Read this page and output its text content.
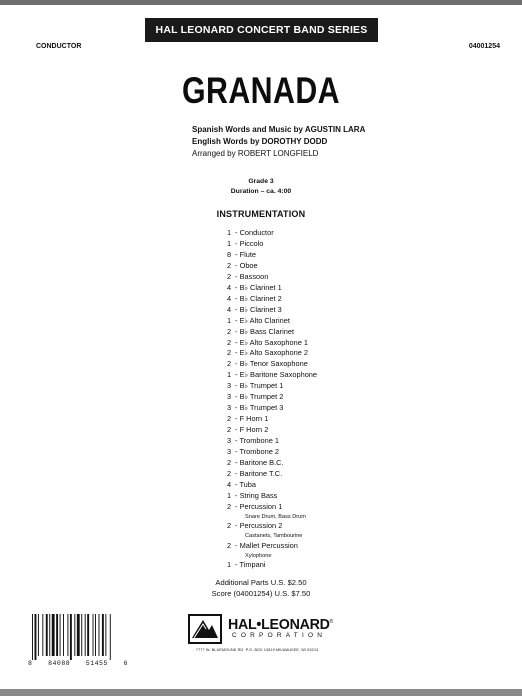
HAL LEONARD CONCERT BAND SERIES
CONDUCTOR	04001254
GRANADA
Spanish Words and Music by AGUSTIN LARA
English Words by DOROTHY DODD
Arranged by ROBERT LONGFIELD
Grade 3
Duration – ca. 4:00
INSTRUMENTATION
1 - Conductor
1 - Piccolo
8 - Flute
2 - Oboe
2 - Bassoon
4 - B♭ Clarinet 1
4 - B♭ Clarinet 2
4 - B♭ Clarinet 3
1 - E♭ Alto Clarinet
2 - B♭ Bass Clarinet
2 - E♭ Alto Saxophone 1
2 - E♭ Alto Saxophone 2
2 - B♭ Tenor Saxophone
1 - E♭ Baritone Saxophone
3 - B♭ Trumpet 1
3 - B♭ Trumpet 2
3 - B♭ Trumpet 3
2 - F Horn 1
2 - F Horn 2
3 - Trombone 1
3 - Trombone 2
2 - Baritone B.C.
2 - Baritone T.C.
4 - Tuba
1 - String Bass
2 - Percussion 1
Snare Drum, Bass Drum
2 - Percussion 2
Castanets, Tambourine
2 - Mallet Percussion
Xylophone
1 - Timpani
Additional Parts U.S. $2.50
Score (04001254) U.S. $7.50
8 84088 51455 6
HAL•LEONARD®
CORPORATION
7777 W. BLUEMOUND RD. P.O. BOX 13819 MILWAUKEE, WI 53213
